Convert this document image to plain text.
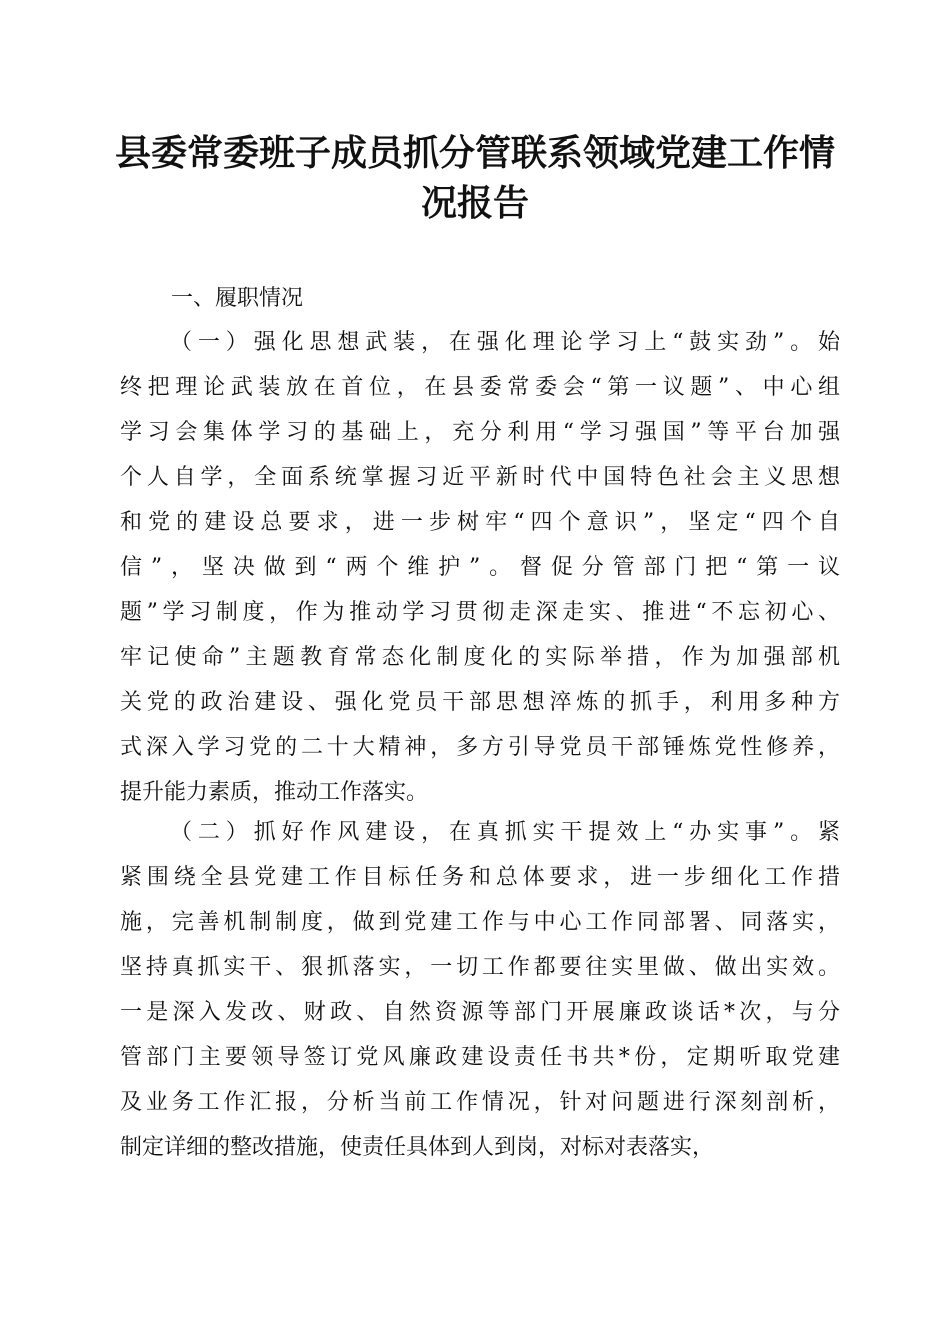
县委常委班子成员抓分管联系领域党建工作情
况报告
一、履职情况
（一）强化思想武装，在强化理论学习上“鼓实劲”。始
终把理论武装放在首位，在县委常委会“第一议题”、中心组
学习会集体学习的基础上，充分利用“学习强国”等平台加强
个人自学，全面系统掌握习近平新时代中国特色社会主义思想
和党的建设总要求，进一步树牢“四个意识”，坚定“四个自
信”，坚决做到“两个维护”。督促分管部门把“第一议
题”学习制度，作为推动学习贯彻走深走实、推进“不忘初心、
牢记使命”主题教育常态化制度化的实际举措，作为加强部机
关党的政治建设、强化党员干部思想淬炼的抓手，利用多种方
式深入学习党的二十大精神，多方引导党员干部锤炼党性修养，
提升能力素质，推动工作落实。
（二）抓好作风建设，在真抓实干提效上“办实事”。紧
紧围绕全县党建工作目标任务和总体要求，进一步细化工作措
施，完善机制制度，做到党建工作与中心工作同部署、同落实，
坚持真抓实干、狠抓落实，一切工作都要往实里做、做出实效。
一是深入发改、财政、自然资源等部门开展廉政谈话*次，与分
管部门主要领导签订党风廉政建设责任书共*份，定期听取党建
及业务工作汇报，分析当前工作情况，针对问题进行深刻剖析，
制定详细的整改措施，使责任具体到人到岗，对标对表落实，
